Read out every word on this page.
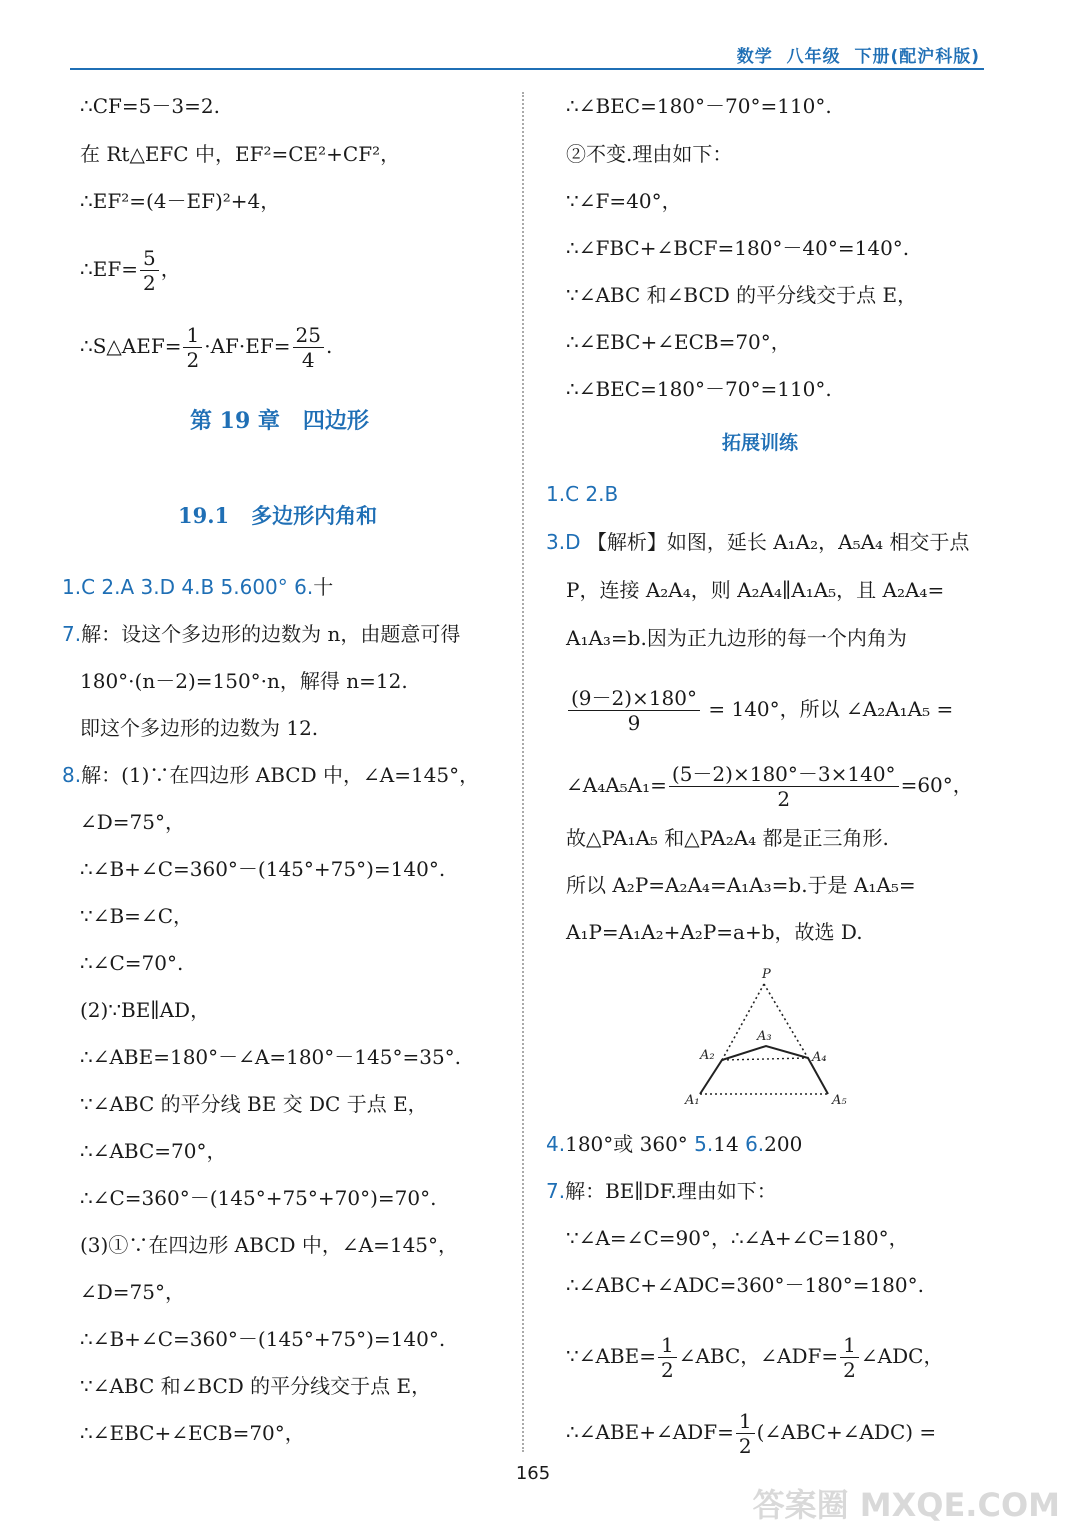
数学  八年级  下册(配沪科版)
∴CF=5－3=2.
在 Rt△EFC 中，EF²=CE²+CF²，
∴EF²=(4－EF)²+4，
∴EF= $\frac{5}{2}$ ，
∴S△AEF= $\frac{1}{2} \cdot AF\cdot EF= \frac{25}{4}$ .
1.C 2.A 3.D 4.B 5.600° 6.十
7.解：设这个多边形的边数为 n，由题意可得
180°·(n－2)=150°·n，解得 n=12.
即这个多边形的边数为 12.
8.解：(1)∵在四边形 ABCD 中，∠A=145°，
∠D=75°，
∴∠B+∠C=360°－(145°+75°)=140°.
∵∠B=∠C，
∴∠C=70°.
(2)∵BE∥AD，
∴∠ABE=180°－∠A=180°－145°=35°.
∵∠ABC 的平分线 BE 交 DC 于点 E，
∴∠ABC=70°，
∴∠C=360°－(145°+75°+70°)=70°.
(3)①∵在四边形 ABCD 中，∠A=145°，
∠D=75°，
∴∠B+∠C=360°－(145°+75°)=140°.
∵∠ABC 和∠BCD 的平分线交于点 E，
∴∠EBC+∠ECB=70°，
∴∠BEC=180°－70°=110°.
②不变.理由如下：
∵∠F=40°，
∴∠FBC+∠BCF=180°－40°=140°.
∵∠ABC 和∠BCD 的平分线交于点 E，
∴∠EBC+∠ECB=70°，
∴∠BEC=180°－70°=110°.
1.C 2.B
3.D 【解析】如图，延长 A₁A₂，A₅A₄ 相交于点
P，连接 A₂A₄，则 A₂A₄∥A₁A₅，且 A₂A₄=
A₁A₃=b.因为正九边形的每一个内角为
$\frac{(9-2)\times 180^\circ}{9} = 140^\circ$，所以 ∠A₂A₁A₅ =
∠A₄A₅A₁= $\frac{(5-2)\times 180^\circ-3\times 140^\circ}{2} =60^\circ$，
故△PA₁A₅ 和△PA₂A₄ 都是正三角形.
所以 A₂P=A₂A₄=A₁A₃=b.于是 A₁A₅=
A₁P=A₁A₂+A₂P=a+b，故选 D.
4.180°或 360° 5.14 6.200
7.解：BE∥DF.理由如下：
∵∠A=∠C=90°，∴∠A+∠C=180°，
∴∠ABC+∠ADC=360°－180°=180°.
∵∠ABE= $\frac{1}{2}$ ∠ABC，∠ADF= $\frac{1}{2}$ ∠ADC，
∴∠ABE+∠ADF= $\frac{1}{2}$ (∠ABC+∠ADC) =
第 19 章   四边形
19.1   多边形内角和
拓展训练
P
A₁
A₂
A₃
A₄
A₅
165
答案圈 MXQE.COM
